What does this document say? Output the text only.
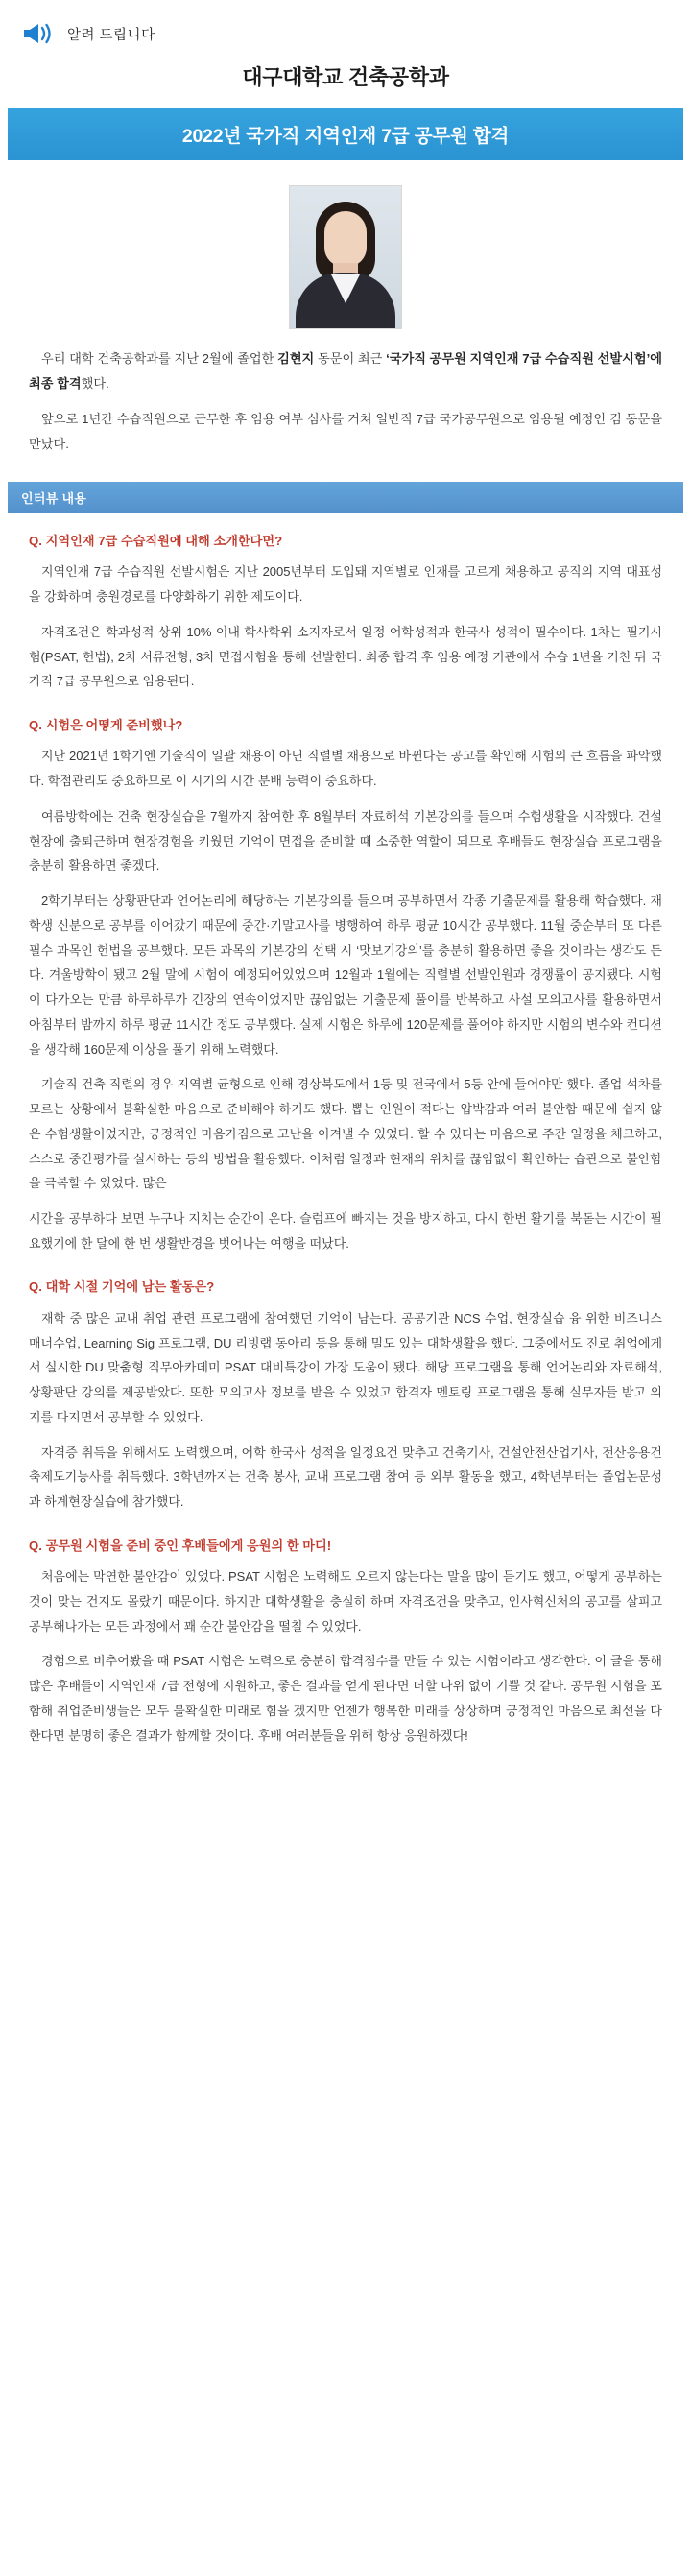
알려 드립니다
대구대학교 건축공학과
2022년 국가직 지역인재 7급 공무원 합격

우리 대학 건축공학과를 지난 2월에 졸업한 김현지 동문이 최근 ‘국가직 공무원 지역인재 7급 수습직원 선발시험’에 최종 합격했다.

앞으로 1년간 수습직원으로 근무한 후 임용 여부 심사를 거쳐 일반직 7급 국가공무원으로 임용될 예정인 김 동문을 만났다.

인터뷰 내용
Q. 지역인재 7급 수습직원에 대해 소개한다면?

지역인재 7급 수습직원 선발시험은 지난 2005년부터 도입돼 지역별로 인재를 고르게 채용하고 공직의 지역 대표성을 강화하며 충원경로를 다양화하기 위한 제도이다.

자격조건은 학과성적 상위 10% 이내 학사학위 소지자로서 일정 어학성적과 한국사 성적이 필수이다. 1차는 필기시험(PSAT, 헌법), 2차 서류전형, 3차 면접시험을 통해 선발한다. 최종 합격 후 임용 예정 기관에서 수습 1년을 거친 뒤 국가직 7급 공무원으로 임용된다.

Q. 시험은 어떻게 준비했나?

지난 2021년 1학기엔 기술직이 일괄 채용이 아닌 직렬별 채용으로 바뀐다는 공고를 확인해 시험의 큰 흐름을 파악했다. 학점관리도 중요하므로 이 시기의 시간 분배 능력이 중요하다.

여름방학에는 건축 현장실습을 7월까지 참여한 후 8월부터 자료해석 기본강의를 들으며 수험생활을 시작했다. 건설 현장에 출퇴근하며 현장경험을 키웠던 기억이 면접을 준비할 때 소중한 역할이 되므로 후배들도 현장실습 프로그램을 충분히 활용하면 좋겠다.

2학기부터는 상황판단과 언어논리에 해당하는 기본강의를 들으며 공부하면서 각종 기출문제를 활용해 학습했다. 재학생 신분으로 공부를 이어갔기 때문에 중간·기말고사를 병행하여 하루 평균 10시간 공부했다. 11월 중순부터 또 다른 필수 과목인 헌법을 공부했다. 모든 과목의 기본강의 선택 시 ‘맛보기강의’를 충분히 활용하면 좋을 것이라는 생각도 든다. 겨울방학이 됐고 2월 말에 시험이 예정되어있었으며 12월과 1월에는 직렬별 선발인원과 경쟁률이 공지됐다. 시험이 다가오는 만큼 하루하루가 긴장의 연속이었지만 끊임없는 기출문제 풀이를 반복하고 사설 모의고사를 활용하면서 아침부터 밤까지 하루 평균 11시간 정도 공부했다. 실제 시험은 하루에 120문제를 풀어야 하지만 시험의 변수와 컨디션을 생각해 160문제 이상을 풀기 위해 노력했다.

기술직 건축 직렬의 경우 지역별 균형으로 인해 경상북도에서 1등 및 전국에서 5등 안에 들어야만 했다. 졸업 석차를 모르는 상황에서 불확실한 마음으로 준비해야 하기도 했다. 뽑는 인원이 적다는 압박감과 여러 불안함 때문에 쉽지 않은 수험생활이었지만, 긍정적인 마음가짐으로 고난을 이겨낼 수 있었다. 할 수 있다는 마음으로 주간 일정을 체크하고, 스스로 중간평가를 실시하는 등의 방법을 활용했다. 이처럼 일정과 현재의 위치를 끊임없이 확인하는 습관으로 불안함을 극복할 수 있었다. 많은

시간을 공부하다 보면 누구나 지치는 순간이 온다. 슬럼프에 빠지는 것을 방지하고, 다시 한번 활기를 북돋는 시간이 필요했기에 한 달에 한 번 생활반경을 벗어나는 여행을 떠났다.

Q. 대학 시절 기억에 남는 활동은?

재학 중 많은 교내 취업 관련 프로그램에 참여했던 기억이 남는다. 공공기관 NCS 수업, 현장실습 융 위한 비즈니스 매너수업, Learning Sig 프로그램, DU 리빙랩 동아리 등을 통해 밀도 있는 대학생활을 했다. 그중에서도 진로 취업에게 서 실시한 DU 맞춤형 직무아카데미 PSAT 대비특강이 가장 도움이 됐다. 해당 프로그램을 통해 언어논리와 자료해석, 상황판단 강의를 제공받았다. 또한 모의고사 정보를 받을 수 있었고 합격자 멘토링 프로그램을 통해 실무자들 받고 의지를 다지면서 공부할 수 있었다.

자격증 취득을 위해서도 노력했으며, 어학 한국사 성적을 일정요건 맞추고 건축기사, 건설안전산업기사, 전산응용건축제도기능사를 취득했다. 3학년까지는 건축 봉사, 교내 프로그램 참여 등 외부 활동을 했고, 4학년부터는 졸업논문성과 하계현장실습에 참가했다.

Q. 공무원 시험을 준비 중인 후배들에게 응원의 한 마디!

처음에는 막연한 불안감이 있었다. PSAT 시험은 노력해도 오르지 않는다는 말을 많이 듣기도 했고, 어떻게 공부하는 것이 맞는 건지도 몰랐기 때문이다. 하지만 대학생활을 충실히 하며 자격조건을 맞추고, 인사혁신처의 공고를 살피고 공부해나가는 모든 과정에서 꽤 순간 불안감을 떨칠 수 있었다.

경험으로 비추어봤을 때 PSAT 시험은 노력으로 충분히 합격점수를 만들 수 있는 시험이라고 생각한다. 이 글을 통해 많은 후배들이 지역인재 7급 전형에 지원하고, 좋은 결과를 얻게 된다면 더할 나위 없이 기쁠 것 같다. 공무원 시험을 포함해 취업준비생들은 모두 불확실한 미래로 힘을 겠지만 언젠가 행복한 미래를 상상하며 긍정적인 마음으로 최선을 다한다면 분명히 좋은 결과가 함께할 것이다. 후배 여러분들을 위해 항상 응원하겠다!
